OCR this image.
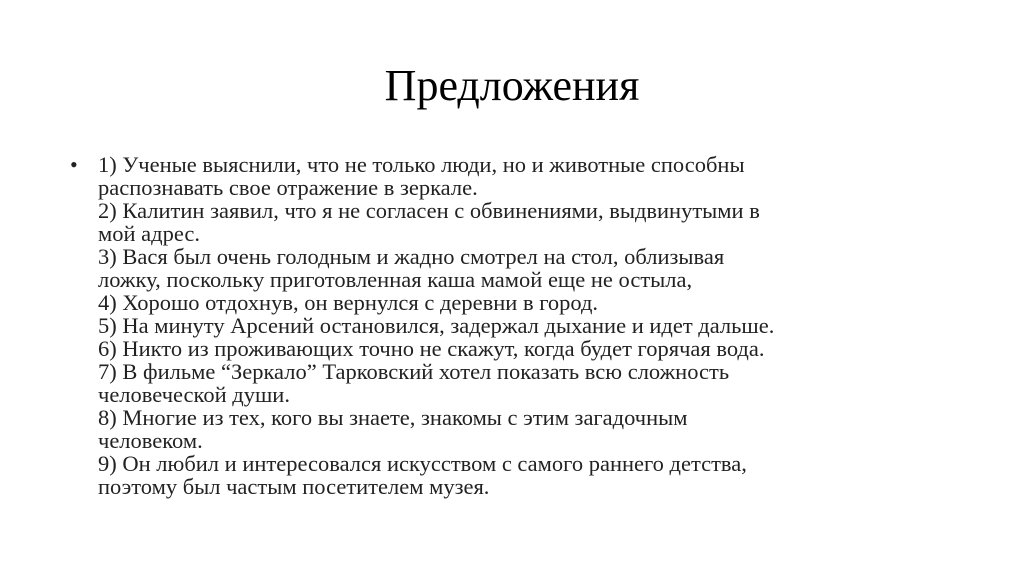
Предложения
• 1) Ученые выяснили, что не только люди, но и животные способны
распознавать свое отражение в зеркале.
2) Калитин заявил, что я не согласен с обвинениями, выдвинутыми в
мой адрес.
3) Вася был очень голодным и жадно смотрел на стол, облизывая
ложку, поскольку приготовленная каша мамой еще не остыла,
4) Хорошо отдохнув, он вернулся с деревни в город.
5) На минуту Арсений остановился, задержал дыхание и идет дальше.
6) Никто из проживающих точно не скажут, когда будет горячая вода.
7) В фильме “Зеркало” Тарковский хотел показать всю сложность
человеческой души.
8) Многие из тех, кого вы знаете, знакомы с этим загадочным
человеком.
9) Он любил и интересовался искусством с самого раннего детства,
поэтому был частым посетителем музея.
